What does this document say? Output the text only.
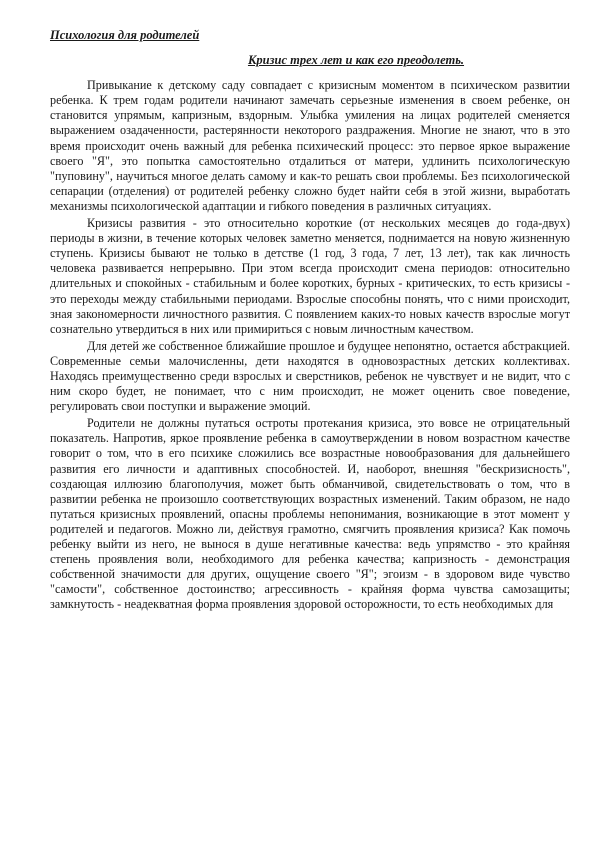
Психология для родителей
Кризис трех лет и как его преодолеть.

Привыкание к детскому саду совпадает с кризисным моментом в психическом развитии ребенка. К трем годам родители начинают замечать серьезные изменения в своем ребенке, он становится упрямым, капризным, вздорным. Улыбка умиления на лицах родителей сменяется выражением озадаченности, растерянности некоторого раздражения. Многие не знают, что в это время происходит очень важный для ребенка психический процесс: это первое яркое выражение своего "Я", это попытка самостоятельно отдалиться от матери, удлинить психологическую "пуповину", научиться многое делать самому и как-то решать свои проблемы. Без психологической сепарации (отделения) от родителей ребенку сложно будет найти себя в этой жизни, выработать механизмы психологической адаптации и гибкого поведения в различных ситуациях.

Кризисы развития - это относительно короткие (от нескольких месяцев до года-двух) периоды в жизни, в течение которых человек заметно меняется, поднимается на новую жизненную ступень. Кризисы бывают не только в детстве (1 год, 3 года, 7 лет, 13 лет), так как личность человека развивается непрерывно. При этом всегда происходит смена периодов: относительно длительных и спокойных - стабильным и более коротких, бурных - критических, то есть кризисы - это переходы между стабильными периодами. Взрослые способны понять, что с ними происходит, зная закономерности личностного развития. С появлением каких-то новых качеств взрослые могут сознательно утвердиться в них или примириться с новым личностным качеством.

Для детей же собственное ближайшие прошлое и будущее непонятно, остается абстракцией. Современные семьи малочисленны, дети находятся в одновозрастных детских коллективах. Находясь преимущественно среди взрослых и сверстников, ребенок не чувствует и не видит, что с ним скоро будет, не понимает, что с ним происходит, не может оценить свое поведение, регулировать свои поступки и выражение эмоций.

Родители не должны путаться остроты протекания кризиса, это вовсе не отрицательный показатель. Напротив, яркое проявление ребенка в самоутверждении в новом возрастном качестве говорит о том, что в его психике сложились все возрастные новообразования для дальнейшего развития его личности и адаптивных способностей. И, наоборот, внешняя "бескризисность", создающая иллюзию благополучия, может быть обманчивой, свидетельствовать о том, что в развитии ребенка не произошло соответствующих возрастных изменений. Таким образом, не надо путаться кризисных проявлений, опасны проблемы непонимания, возникающие в этот момент у родителей и педагогов. Можно ли, действуя грамотно, смягчить проявления кризиса? Как помочь ребенку выйти из него, не вынося в душе негативные качества: ведь упрямство - это крайняя степень проявления воли, необходимого для ребенка качества; капризность - демонстрация собственной значимости для других, ощущение своего "Я"; эгоизм - в здоровом виде чувство "самости", собственное достоинство; агрессивность - крайняя форма чувства самозащиты; замкнутость - неадекватная форма проявления здоровой осторожности, то есть необходимых для
